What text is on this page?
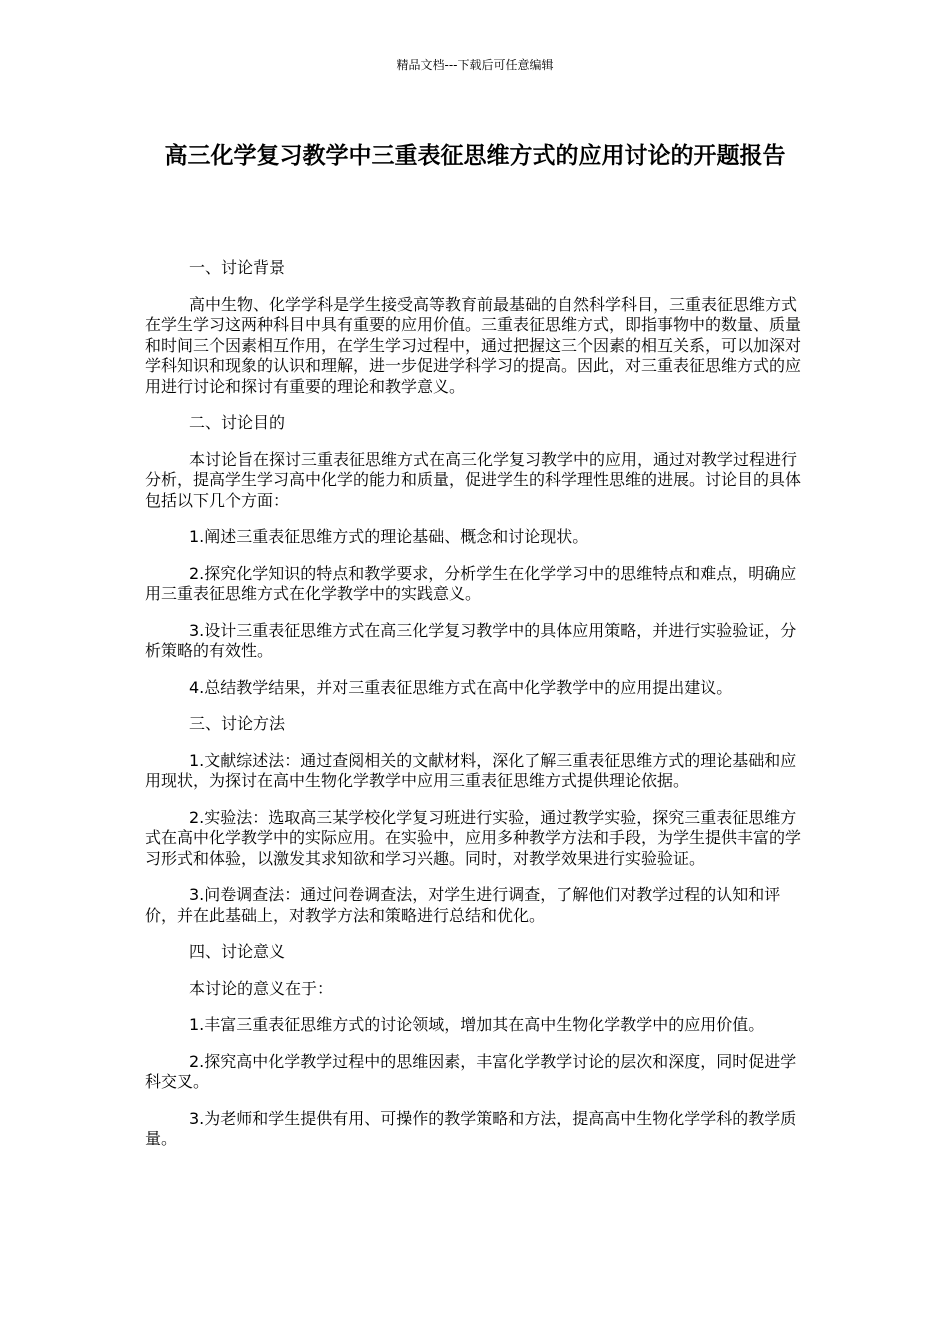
精品文档---下载后可任意编辑
高三化学复习教学中三重表征思维方式的应用讨论的开题报告

一、讨论背景

高中生物、化学学科是学生接受高等教育前最基础的自然科学科目，三重表征思维方式在学生学习这两种科目中具有重要的应用价值。三重表征思维方式，即指事物中的数量、质量和时间三个因素相互作用，在学生学习过程中，通过把握这三个因素的相互关系，可以加深对学科知识和现象的认识和理解，进一步促进学科学习的提高。因此，对三重表征思维方式的应用进行讨论和探讨有重要的理论和教学意义。

二、讨论目的

本讨论旨在探讨三重表征思维方式在高三化学复习教学中的应用，通过对教学过程进行分析，提高学生学习高中化学的能力和质量，促进学生的科学理性思维的进展。讨论目的具体包括以下几个方面：

1.阐述三重表征思维方式的理论基础、概念和讨论现状。

2.探究化学知识的特点和教学要求，分析学生在化学学习中的思维特点和难点，明确应用三重表征思维方式在化学教学中的实践意义。

3.设计三重表征思维方式在高三化学复习教学中的具体应用策略，并进行实验验证，分析策略的有效性。

4.总结教学结果，并对三重表征思维方式在高中化学教学中的应用提出建议。

三、讨论方法

1.文献综述法：通过查阅相关的文献材料，深化了解三重表征思维方式的理论基础和应用现状，为探讨在高中生物化学教学中应用三重表征思维方式提供理论依据。

2.实验法：选取高三某学校化学复习班进行实验，通过教学实验，探究三重表征思维方式在高中化学教学中的实际应用。在实验中，应用多种教学方法和手段，为学生提供丰富的学习形式和体验，以激发其求知欲和学习兴趣。同时，对教学效果进行实验验证。

3.问卷调查法：通过问卷调查法，对学生进行调查，了解他们对教学过程的认知和评价，并在此基础上，对教学方法和策略进行总结和优化。

四、讨论意义

本讨论的意义在于：

1.丰富三重表征思维方式的讨论领域，增加其在高中生物化学教学中的应用价值。

2.探究高中化学教学过程中的思维因素，丰富化学教学讨论的层次和深度，同时促进学科交叉。

3.为老师和学生提供有用、可操作的教学策略和方法，提高高中生物化学学科的教学质量。
